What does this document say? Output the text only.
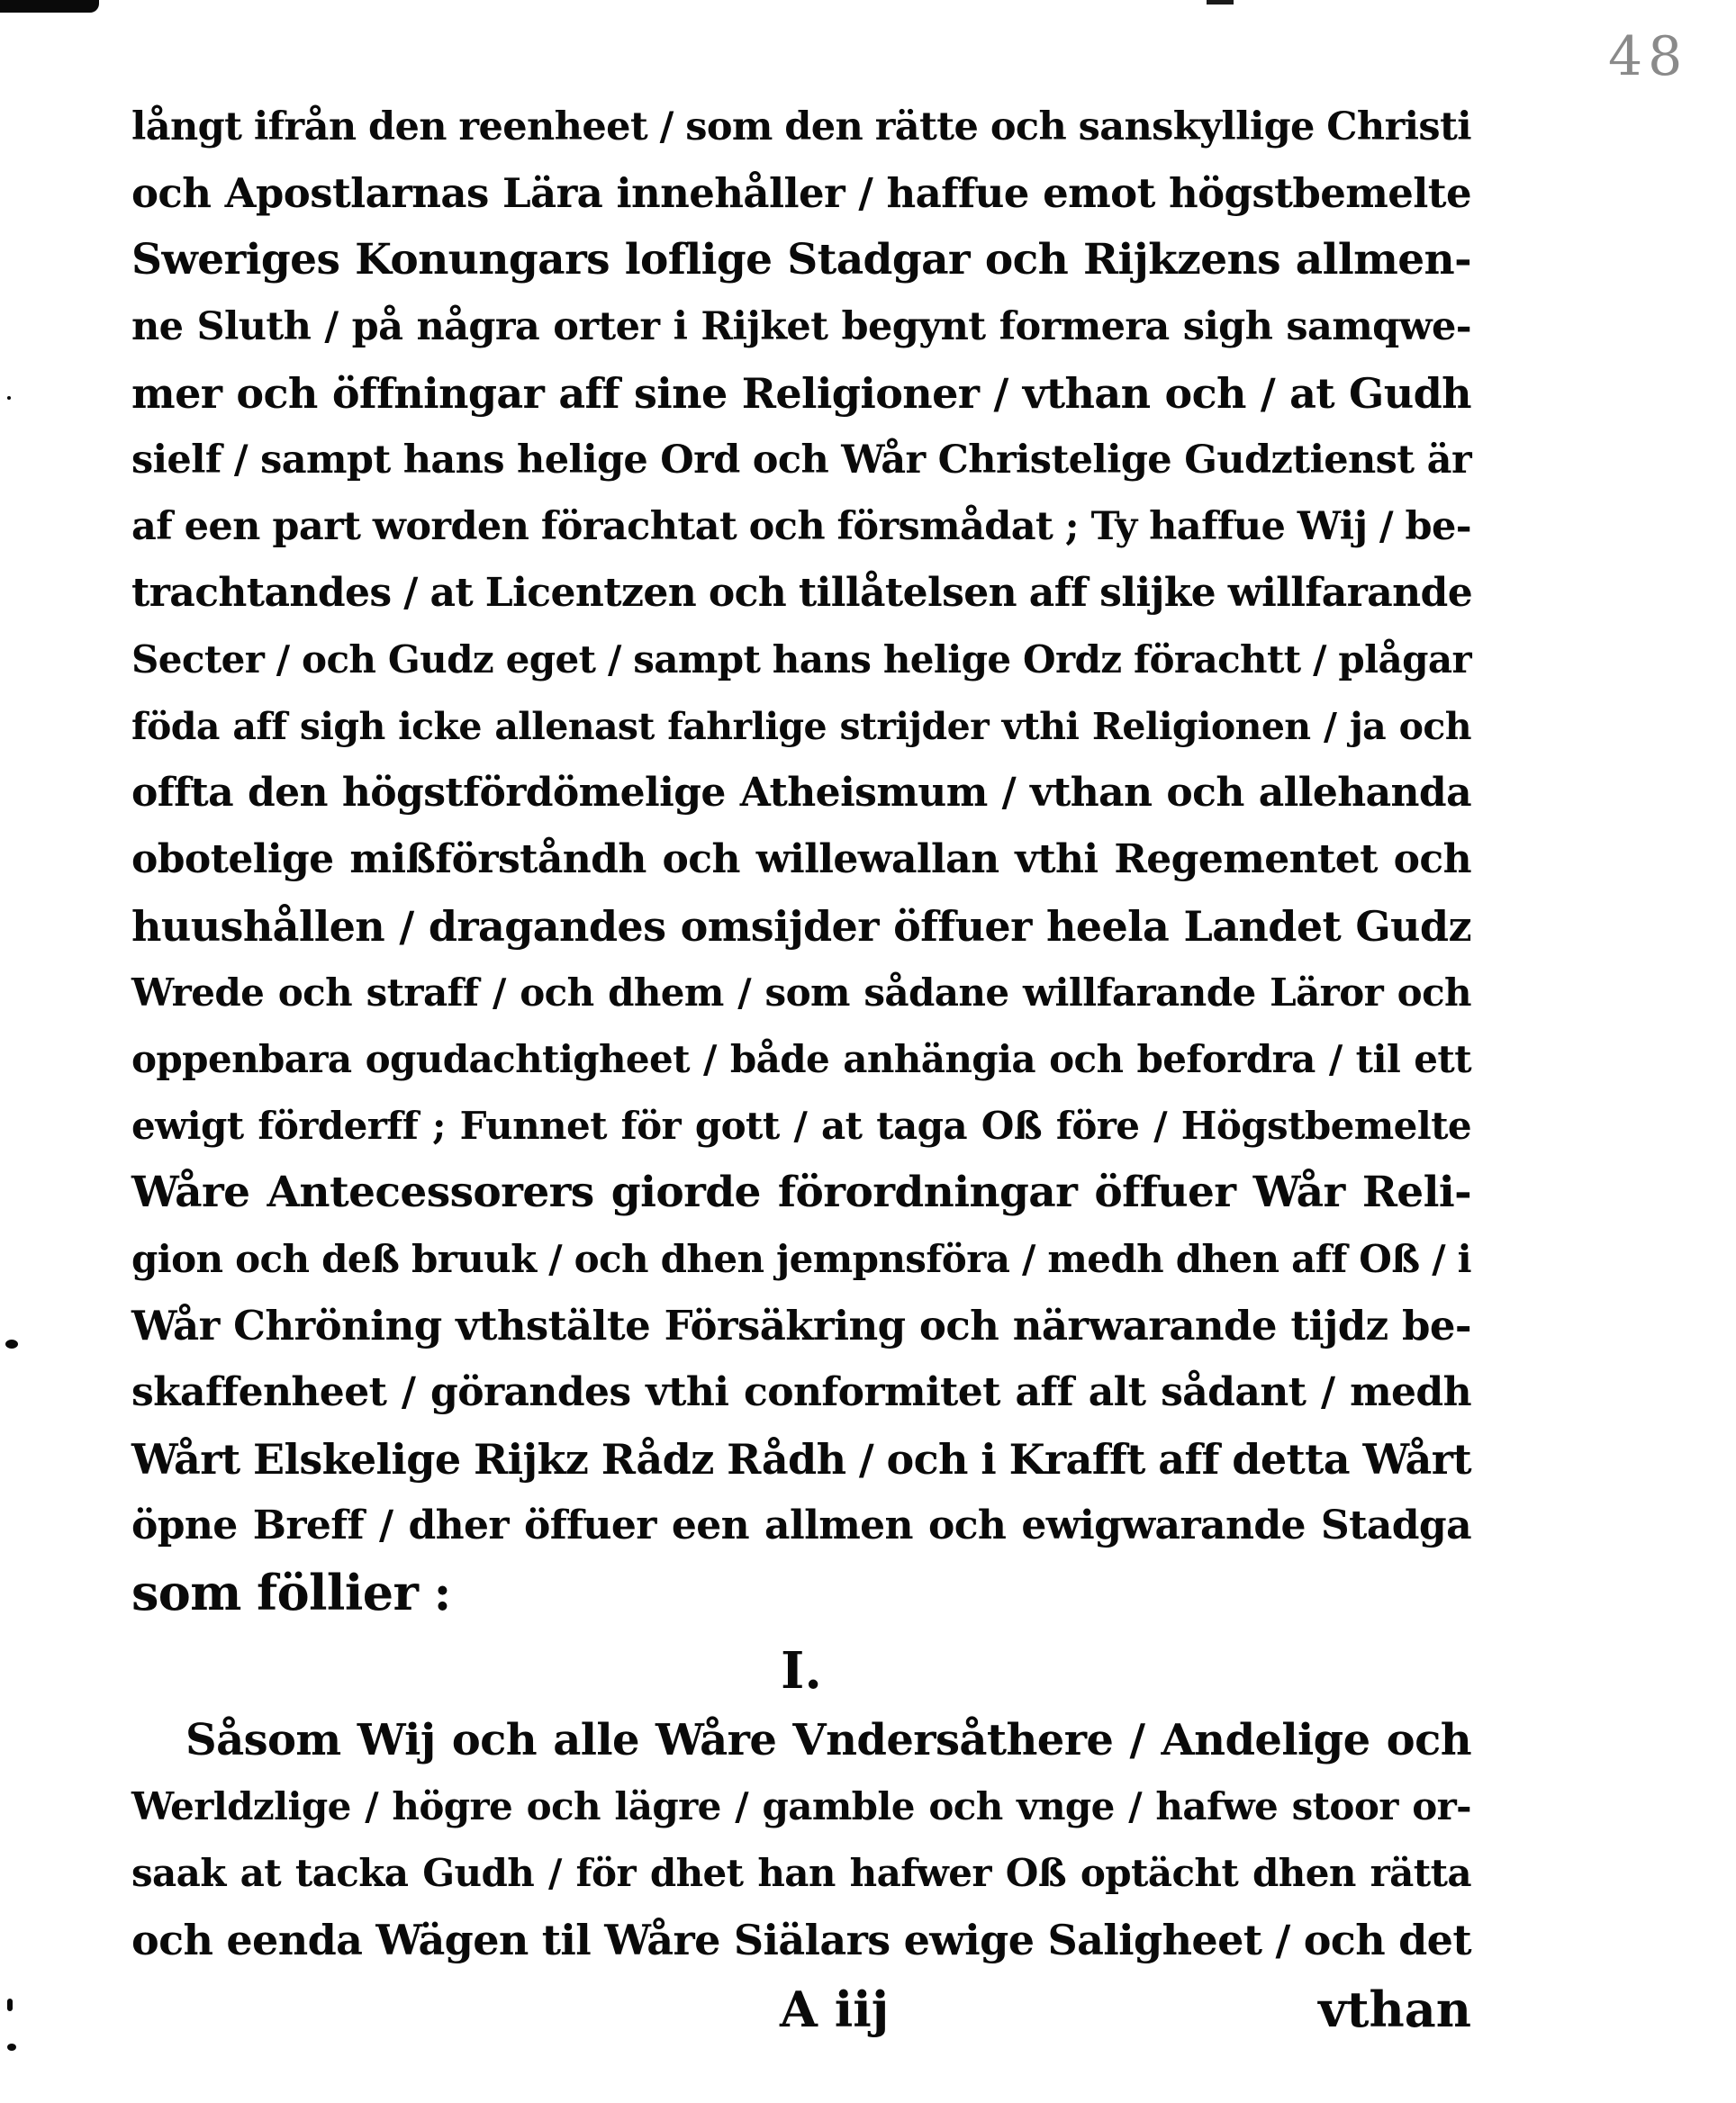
48
långt ifrån den reenheet / som den rätte och sanskyllige Christi
och Apostlarnas Lära innehåller / haffue emot högstbemelte
Sweriges Konungars loflige Stadgar och Rijkzens allmen-
ne Sluth / på några orter i Rijket begynt formera sigh samqwe-
mer och öffningar aff sine Religioner / vthan och / at Gudh
sielf / sampt hans helige Ord och Wår Christelige Gudztienst är
af een part worden förachtat och försmådat ; Ty haffue Wij / be-
trachtandes / at Licentzen och tillåtelsen aff slijke willfarande
Secter / och Gudz eget / sampt hans helige Ordz förachtt / plågar
föda aff sigh icke allenast fahrlige strijder vthi Religionen / ja och
offta den högstfördömelige Atheismum / vthan och allehanda
obotelige mißförståndh och willewallan vthi Regementet och
huushållen / dragandes omsijder öffuer heela Landet Gudz
Wrede och straff / och dhem / som sådane willfarande Läror och
oppenbara ogudachtigheet / både anhängia och befordra / til ett
ewigt förderff ; Funnet för gott / at taga Oß före / Högstbemelte
Wåre Antecessorers giorde förordningar öffuer Wår Reli-
gion och deß bruuk / och dhen jempnsföra / medh dhen aff Oß / i
Wår Chröning vthstälte Försäkring och närwarande tijdz be-
skaffenheet / görandes vthi conformitet aff alt sådant / medh
Wårt Elskelige Rijkz Rådz Rådh / och i Krafft aff detta Wårt
öpne Breff / dher öffuer een allmen och ewigwarande Stadga
som föllier :
I.
Såsom Wij och alle Wåre Vndersåthere / Andelige och
Werldzlige / högre och lägre / gamble och vnge / hafwe stoor or-
saak at tacka Gudh / för dhet han hafwer Oß optächt dhen rätta
och eenda Wägen til Wåre Siälars ewige Saligheet / och det
A iij	vthan
